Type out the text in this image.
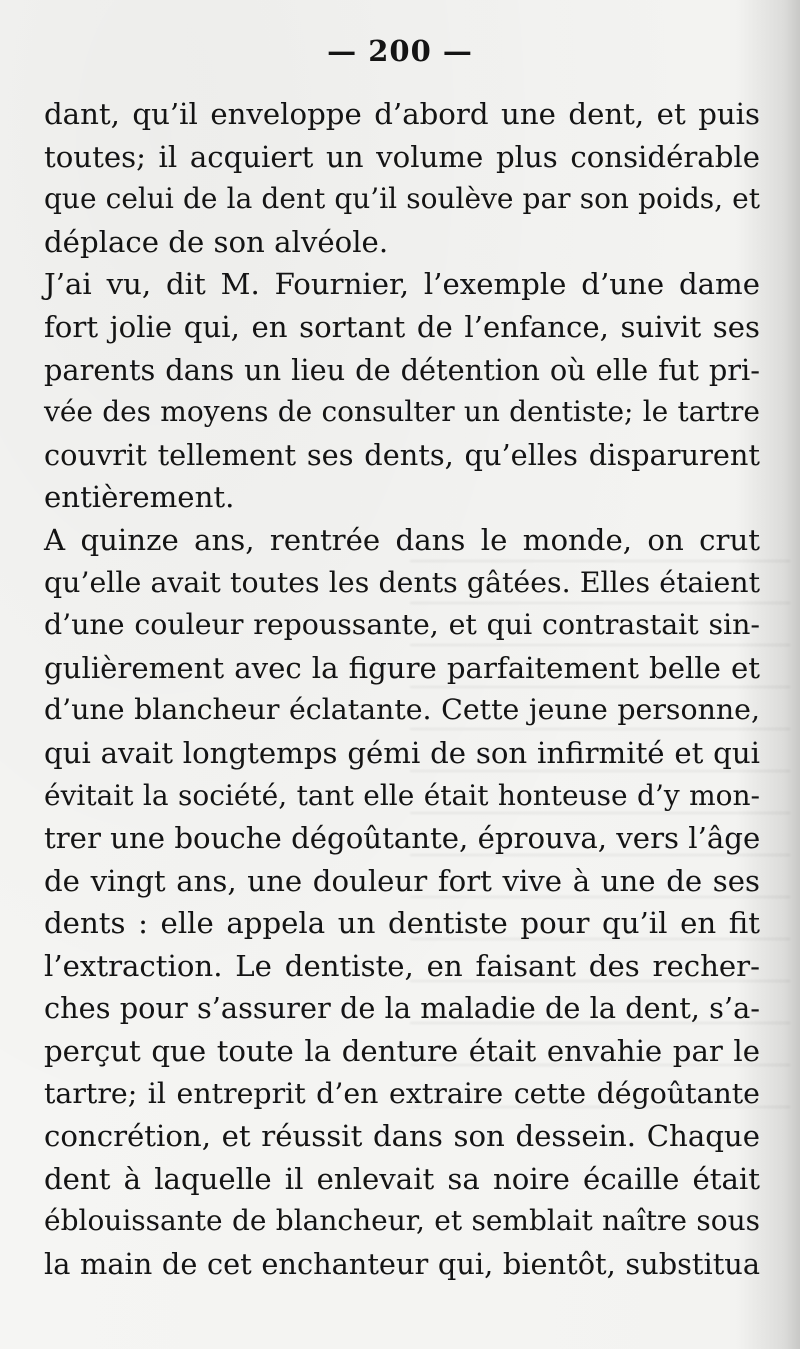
— 200 —
dant, qu’il enveloppe d’abord une dent, et puis
toutes; il acquiert un volume plus considérable
que celui de la dent qu’il soulève par son poids, et
déplace de son alvéole.
J’ai vu, dit M. Fournier, l’exemple d’une dame
fort jolie qui, en sortant de l’enfance, suivit ses
parents dans un lieu de détention où elle fut pri-
vée des moyens de consulter un dentiste; le tartre
couvrit tellement ses dents, qu’elles disparurent
entièrement.
A quinze ans, rentrée dans le monde, on crut
qu’elle avait toutes les dents gâtées. Elles étaient
d’une couleur repoussante, et qui contrastait sin-
gulièrement avec la figure parfaitement belle et
d’une blancheur éclatante. Cette jeune personne,
qui avait longtemps gémi de son infirmité et qui
évitait la société, tant elle était honteuse d’y mon-
trer une bouche dégoûtante, éprouva, vers l’âge
de vingt ans, une douleur fort vive à une de ses
dents : elle appela un dentiste pour qu’il en fit
l’extraction. Le dentiste, en faisant des recher-
ches pour s’assurer de la maladie de la dent, s’a-
perçut que toute la denture était envahie par le
tartre; il entreprit d’en extraire cette dégoûtante
concrétion, et réussit dans son dessein. Chaque
dent à laquelle il enlevait sa noire écaille était
éblouissante de blancheur, et semblait naître sous
la main de cet enchanteur qui, bientôt, substitua
